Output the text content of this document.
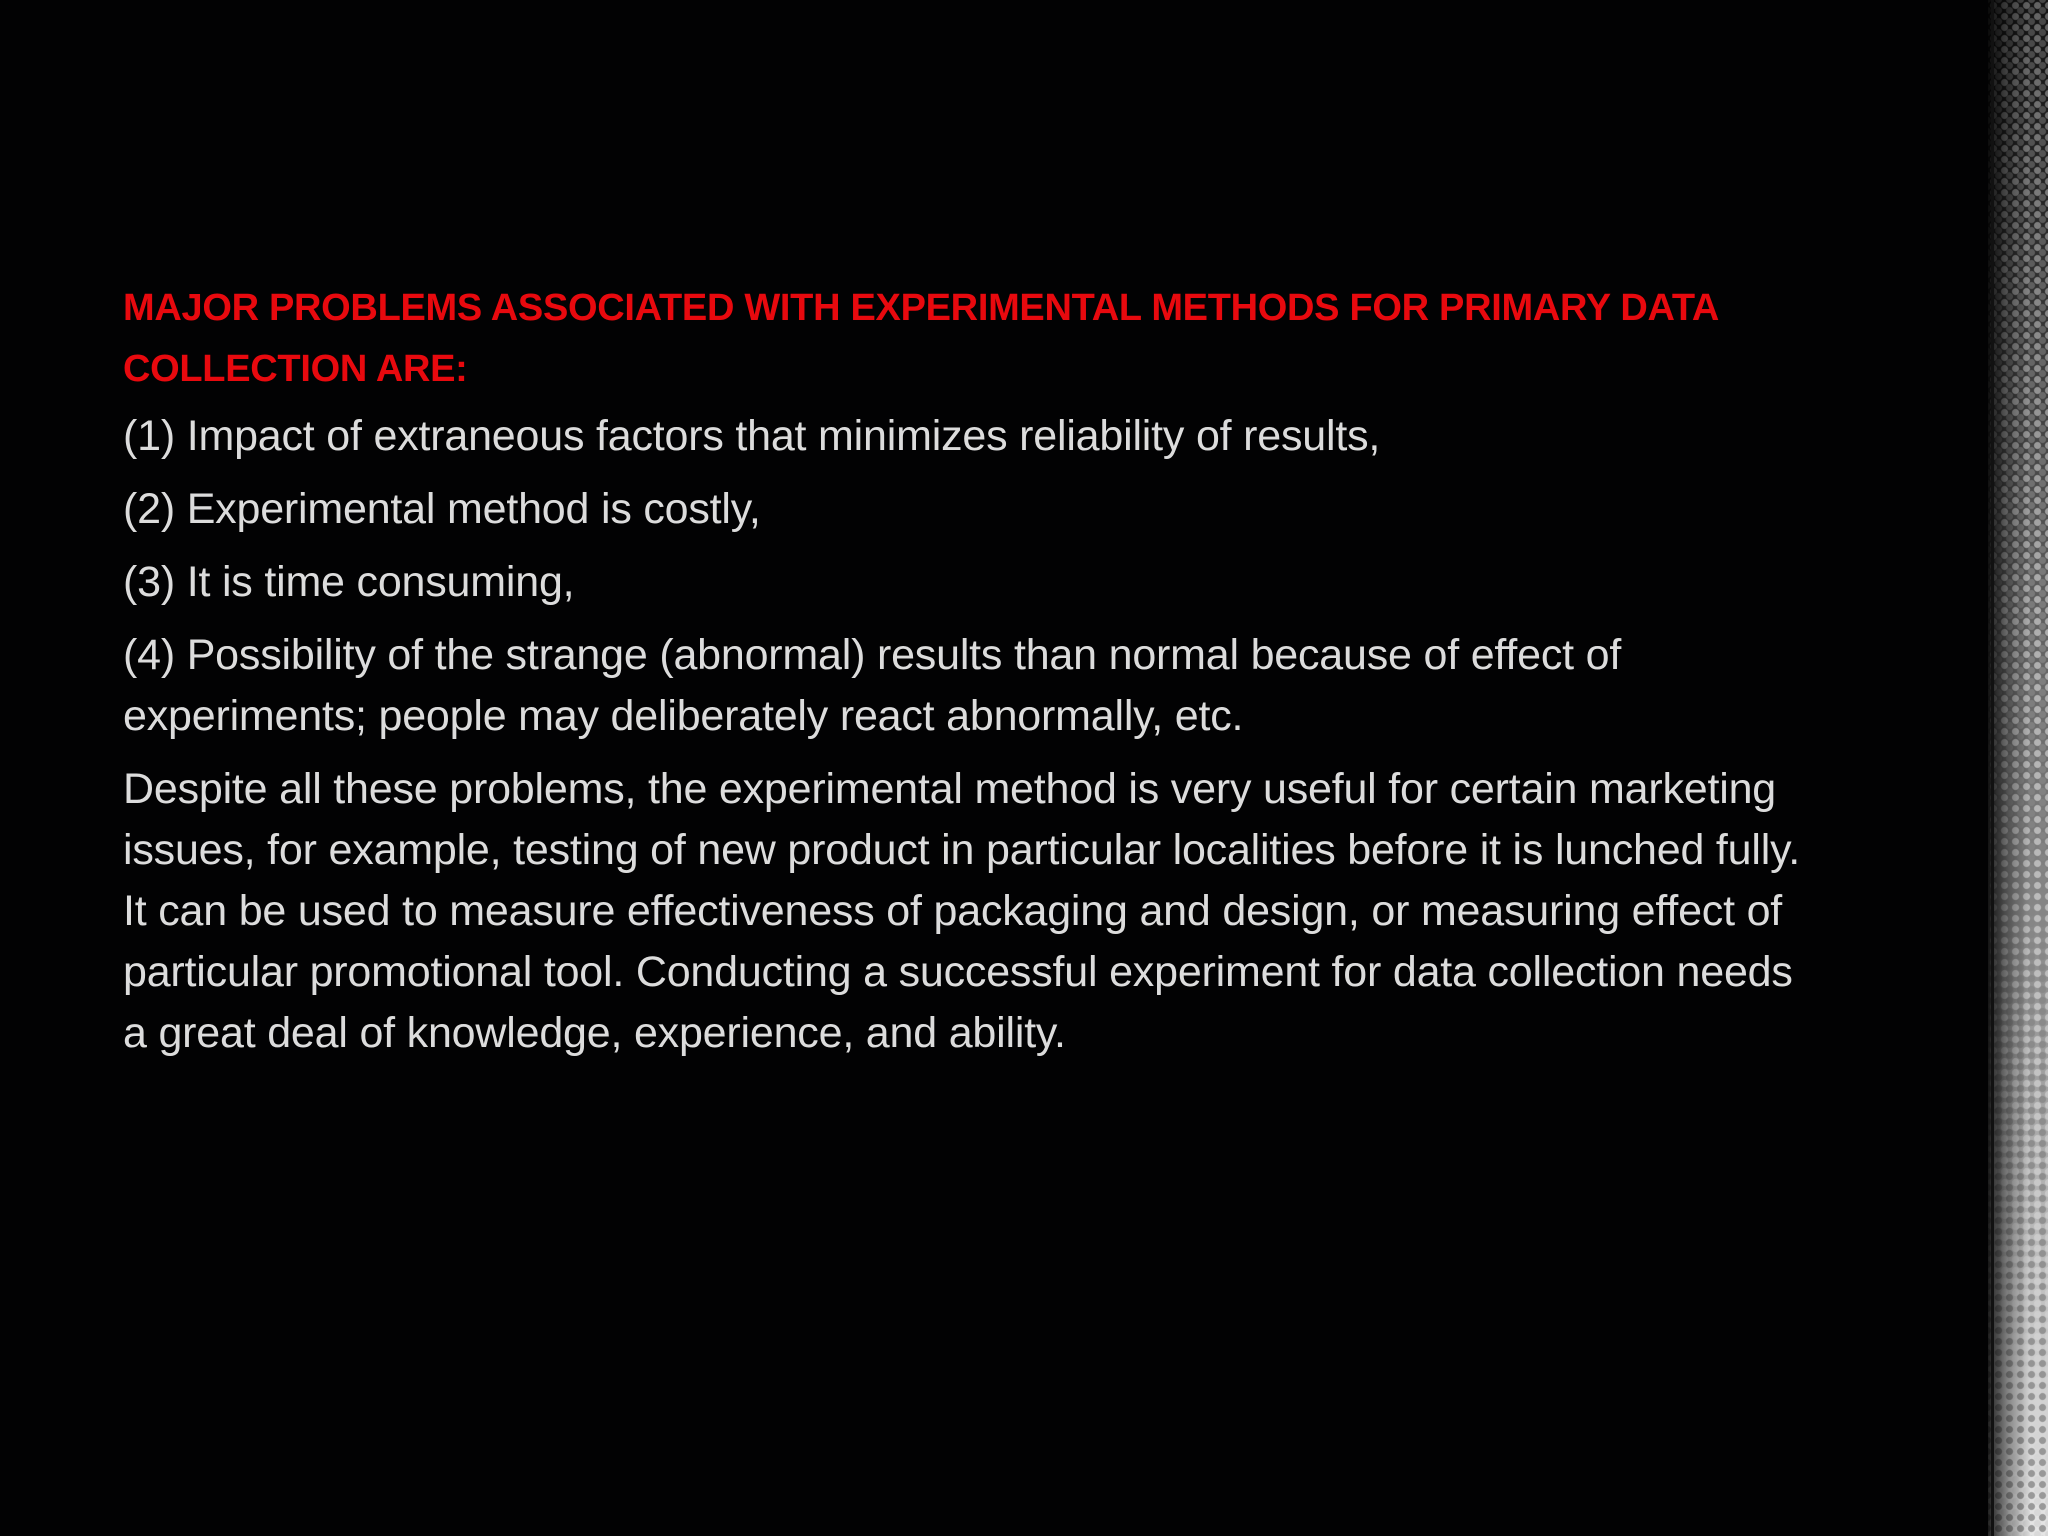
MAJOR PROBLEMS ASSOCIATED WITH EXPERIMENTAL METHODS FOR PRIMARY DATA COLLECTION ARE:
(1) Impact of extraneous factors that minimizes reliability of results,
(2) Experimental method is costly,
(3) It is time consuming,
(4) Possibility of the strange (abnormal) results than normal because of effect of experiments; people may deliberately react abnormally, etc.
Despite all these problems, the experimental method is very useful for certain marketing issues, for example, testing of new product in particular localities before it is lunched fully. It can be used to measure effectiveness of packaging and design, or measuring effect of particular promotional tool. Conducting a successful experiment for data collection needs a great deal of knowledge, experience, and ability.
